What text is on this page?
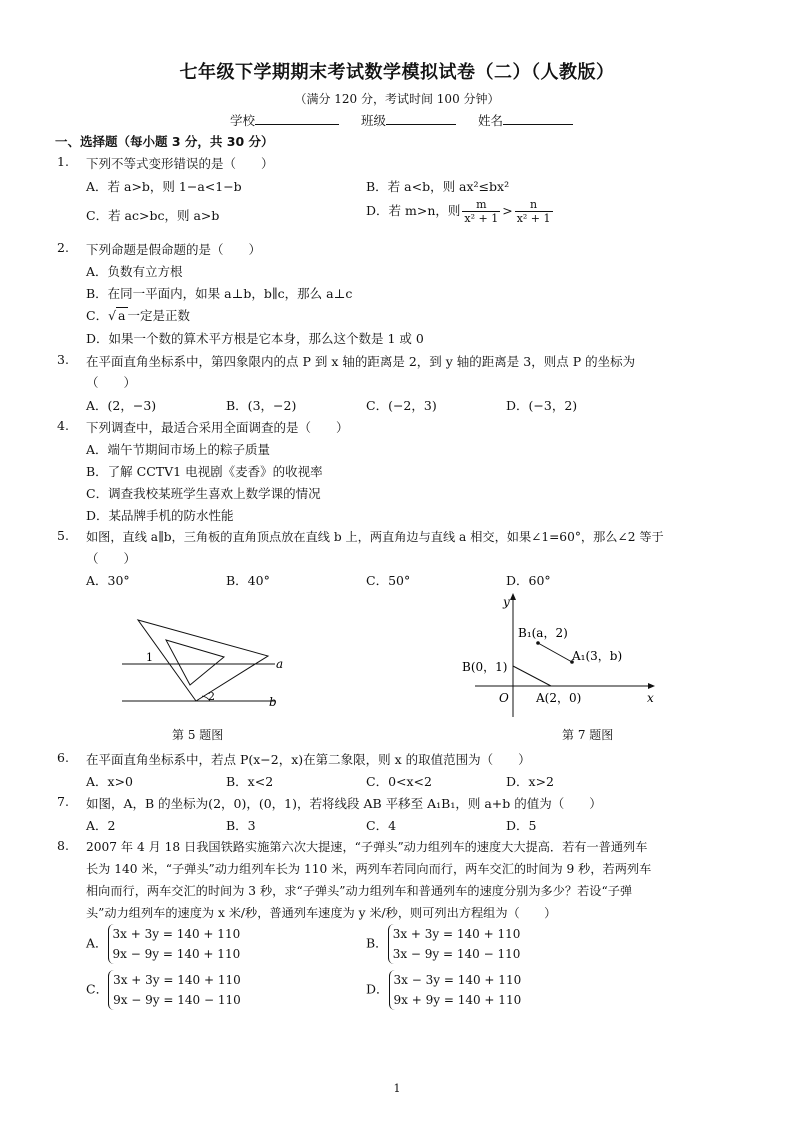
七年级下学期期末考试数学模拟试卷（二）（人教版）
（满分 120 分，考试时间 100 分钟）
学校	班级	姓名
一、选择题（每小题 3 分，共 30 分）
1. 下列不等式变形错误的是（　　）
A．若 a>b，则 1−a<1−b	B．若 a<b，则 ax²≤bx²
C．若 ac>bc，则 a>b	D．若 m>n，则 $\frac{m}{\text{x² + 1}} > \frac{n}{\text{x² + 1}}$
2. 下列命题是假命题的是（　　）
A．负数有立方根
B．在同一平面内，如果 a⊥b，b∥c，那么 a⊥c
C．√ a 一定是正数
D．如果一个数的算术平方根是它本身，那么这个数是 1 或 0
3. 在平面直角坐标系中，第四象限内的点 P 到 x 轴的距离是 2，到 y 轴的距离是 3，则点 P 的坐标为
（　　）
A．(2，−3)	B．(3，−2)	C．(−2，3)	D．(−3，2)
4. 下列调查中，最适合采用全面调查的是（　　）
A．端午节期间市场上的粽子质量
B．了解 CCTV1 电视剧《麦香》的收视率
C．调查我校某班学生喜欢上数学课的情况
D．某品牌手机的防水性能
5. 如图，直线 a∥b，三角板的直角顶点放在直线 b 上，两直角边与直线 a 相交，如果∠1=60°，那么∠2 等于
（　　）
A．30°	B．40°	C．50°	D．60°
1
2
a
b
第 5 题图
y
x
O
B(0，1)
A(2，0)
B₁(a，2)
A₁(3，b)
第 7 题图
6. 在平面直角坐标系中，若点 P(x−2，x)在第二象限，则 x 的取值范围为（　　）
A．x>0	B．x<2	C．0<x<2	D．x>2
7. 如图，A，B 的坐标为(2，0)，(0，1)，若将线段 AB 平移至 A₁B₁，则 a+b 的值为（　　）
A．2	B．3	C．4	D．5
8. 2007 年 4 月 18 日我国铁路实施第六次大提速，“子弹头”动力组列车的速度大大提高．若有一普通列车
长为 140 米，“子弹头”动力组列车长为 110 米，两列车若同向而行，两车交汇的时间为 9 秒，若两列车
相向而行，两车交汇的时间为 3 秒，求“子弹头”动力组列车和普通列车的速度分别为多少？若设“子弹
头”动力组列车的速度为 x 米/秒，普通列车速度为 y 米/秒，则可列出方程组为（　　）
A．
3x + 3y = 140 + 110
9x − 9y = 140 + 110
B．
3x + 3y = 140 + 110
3x − 9y = 140 − 110
C．
3x + 3y = 140 + 110
9x − 9y = 140 − 110
D．
3x − 3y = 140 + 110
9x + 9y = 140 + 110
1
